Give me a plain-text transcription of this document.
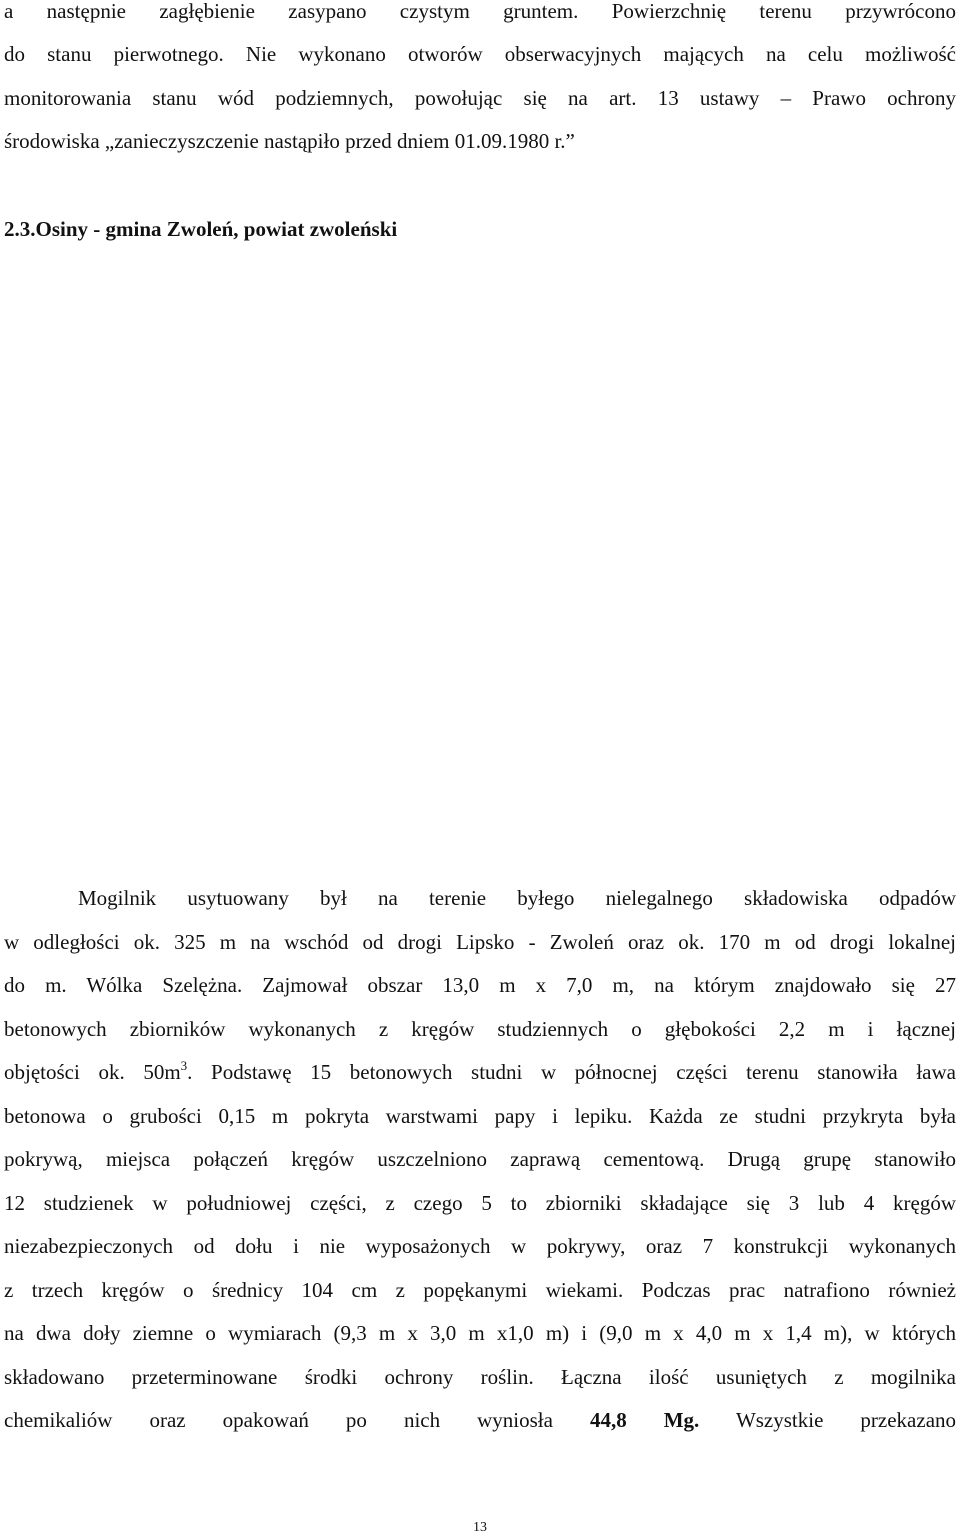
a następnie zagłębienie zasypano czystym gruntem. Powierzchnię terenu przywrócono
do stanu pierwotnego. Nie wykonano otworów obserwacyjnych mających na celu możliwość
monitorowania stanu wód podziemnych, powołując się na art. 13 ustawy – Prawo ochrony
środowiska „zanieczyszczenie nastąpiło przed dniem 01.09.1980 r.”
2.3.Osiny - gmina Zwoleń, powiat zwoleński
Mogilnik usytuowany był na terenie byłego nielegalnego składowiska odpadów
w odległości ok. 325 m na wschód od drogi Lipsko - Zwoleń oraz ok. 170 m od drogi lokalnej
do m. Wólka Szelężna. Zajmował obszar 13,0 m x 7,0 m, na którym znajdowało się 27
betonowych zbiorników wykonanych z kręgów studziennych o głębokości 2,2 m i łącznej
objętości ok. $50m^3$. Podstawę 15 betonowych studni w północnej części terenu stanowiła ława
betonowa o grubości 0,15 m pokryta warstwami papy i lepiku. Każda ze studni przykryta była
pokrywą, miejsca połączeń kręgów uszczelniono zaprawą cementową. Drugą grupę stanowiło
12 studzienek w południowej części, z czego 5 to zbiorniki składające się 3 lub 4 kręgów
niezabezpieczonych od dołu i nie wyposażonych w pokrywy, oraz 7 konstrukcji wykonanych
z trzech kręgów o średnicy 104 cm z popękanymi wiekami. Podczas prac natrafiono również
na dwa doły ziemne o wymiarach (9,3 m x 3,0 m x1,0 m) i (9,0 m x 4,0 m x 1,4 m), w których
składowano przeterminowane środki ochrony roślin. Łączna ilość usuniętych z mogilnika
chemikaliów oraz opakowań po nich wyniosła 44,8 Mg. Wszystkie przekazano
13
